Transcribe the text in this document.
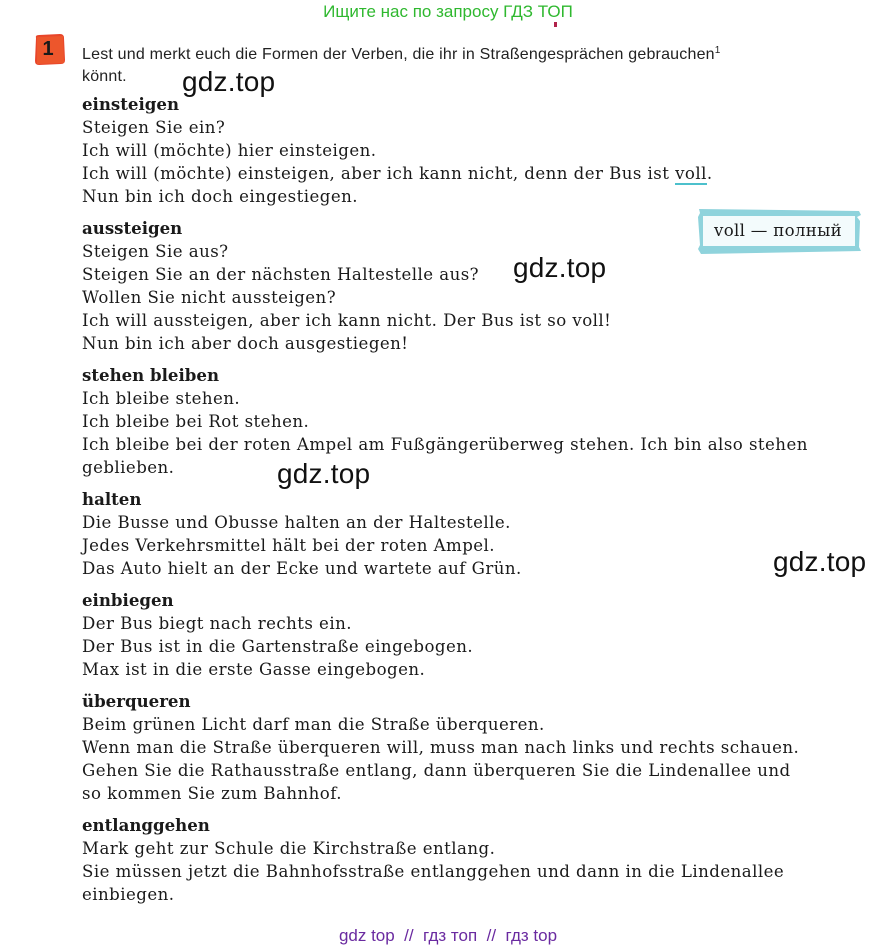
Ищите нас по запросу ГДЗ ТОП
1	Lest und merkt euch die Formen der Verben, die ihr in Straßengesprächen gebrauchen$^1$
könnt.
einsteigen
Steigen Sie ein?
Ich will (möchte) hier einsteigen.
Ich will (möchte) einsteigen, aber ich kann nicht, denn der Bus ist voll.
Nun bin ich doch eingestiegen.
aussteigen
Steigen Sie aus?
Steigen Sie an der nächsten Haltestelle aus?
Wollen Sie nicht aussteigen?
Ich will aussteigen, aber ich kann nicht. Der Bus ist so voll!
Nun bin ich aber doch ausgestiegen!
stehen bleiben
Ich bleibe stehen.
Ich bleibe bei Rot stehen.
Ich bleibe bei der roten Ampel am Fußgängerüberweg stehen. Ich bin also stehen
geblieben.
halten
Die Busse und Obusse halten an der Haltestelle.
Jedes Verkehrsmittel hält bei der roten Ampel.
Das Auto hielt an der Ecke und wartete auf Grün.
einbiegen
Der Bus biegt nach rechts ein.
Der Bus ist in die Gartenstraße eingebogen.
Max ist in die erste Gasse eingebogen.
überqueren
Beim grünen Licht darf man die Straße überqueren.
Wenn man die Straße überqueren will, muss man nach links und rechts schauen.
Gehen Sie die Rathausstraße entlang, dann überqueren Sie die Lindenallee und
so kommen Sie zum Bahnhof.
entlanggehen
Mark geht zur Schule die Kirchstraße entlang.
Sie müssen jetzt die Bahnhofsstraße entlanggehen und dann in die Lindenallee
einbiegen.
voll — полный
gdz.top
gdz.top
gdz.top
gdz.top
gdz top  //  гдз топ  //  гдз top
